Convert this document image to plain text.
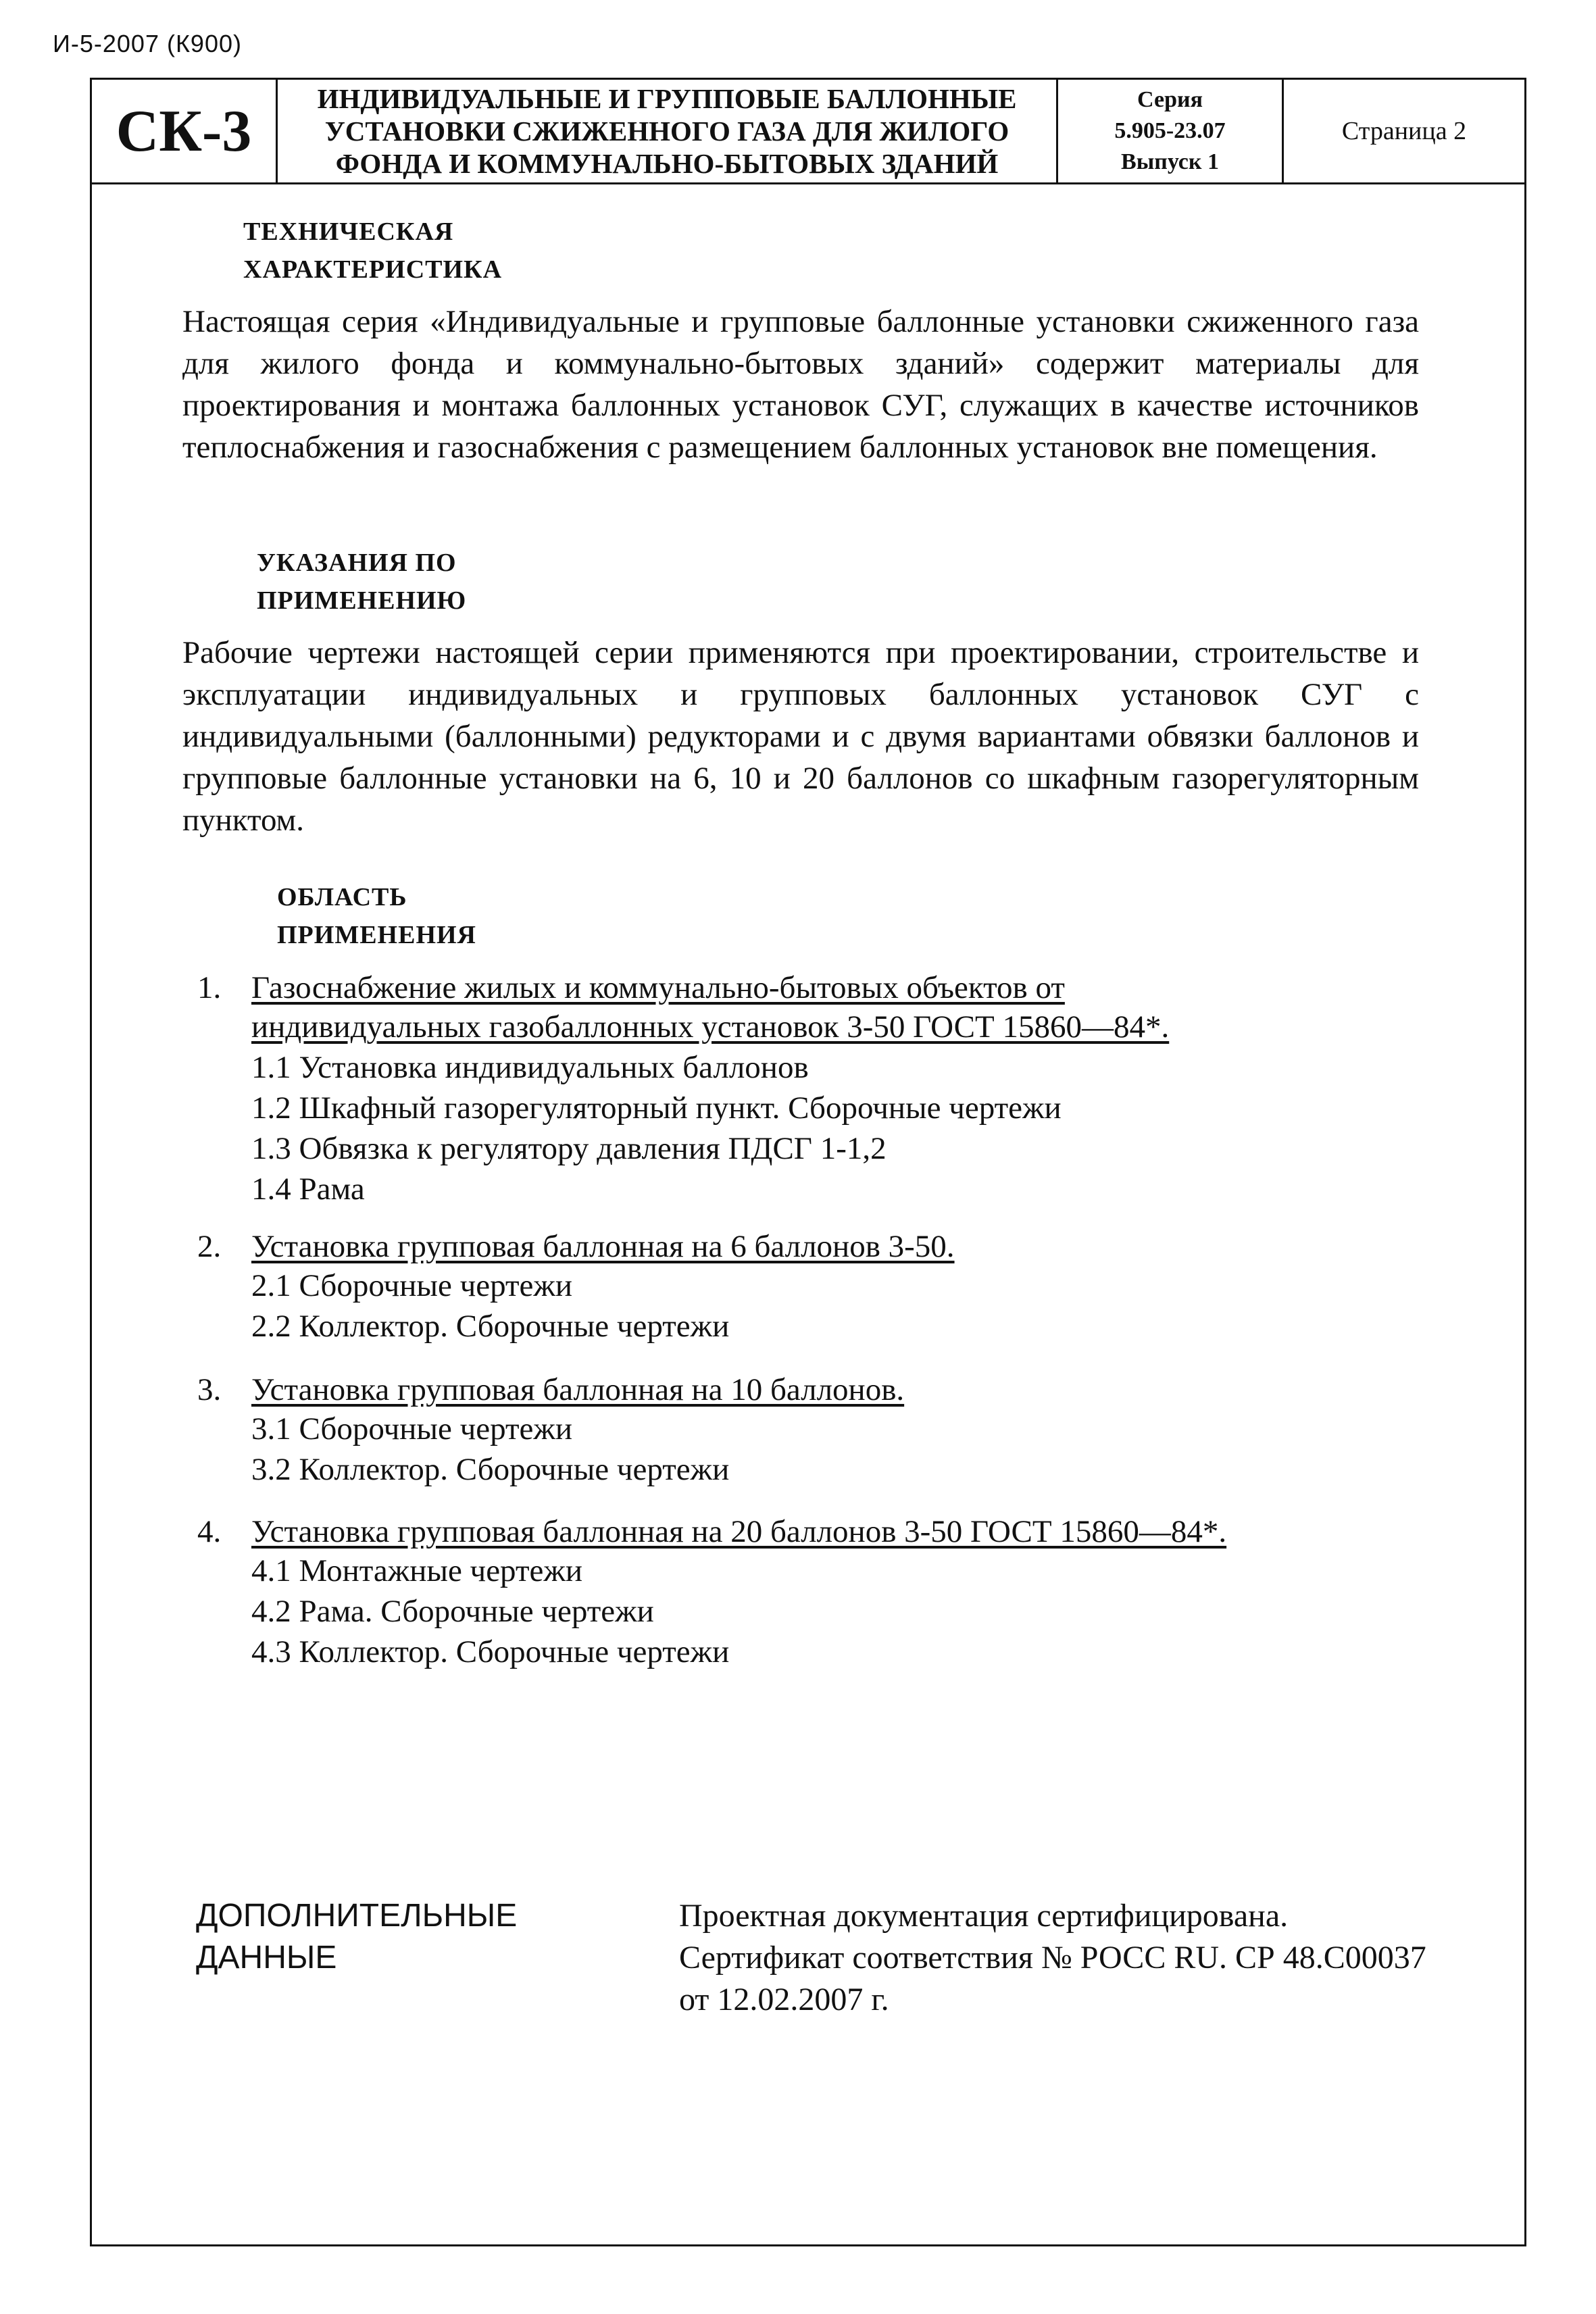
И-5-2007 (К900)
СК-3	ИНДИВИДУАЛЬНЫЕ И ГРУППОВЫЕ БАЛЛОННЫЕ
УСТАНОВКИ СЖИЖЕННОГО ГАЗА ДЛЯ ЖИЛОГО
ФОНДА И КОММУНАЛЬНО-БЫТОВЫХ ЗДАНИЙ
Серия
5.905-23.07
Выпуск 1
Страница 2
ТЕХНИЧЕСКАЯ
ХАРАКТЕРИСТИКА
Настоящая серия «Индивидуальные и групповые баллонные установки сжиженного газа для жилого фонда и коммунально-бытовых зданий» содержит материалы для проектирования и монтажа баллонных установок СУГ, служащих в качестве источников теплоснабжения и газоснабжения с размещением баллонных установок вне помещения.
УКАЗАНИЯ ПО
ПРИМЕНЕНИЮ
Рабочие чертежи настоящей серии применяются при проектировании, строительстве и эксплуатации индивидуальных и групповых баллонных установок СУГ с индивидуальными (баллонными) редукторами и с двумя вариантами обвязки баллонов и групповые баллонные установки на 6, 10 и 20 баллонов со шкафным газорегуляторным пунктом.
ОБЛАСТЬ
ПРИМЕНЕНИЯ
1. Газоснабжение жилых и коммунально-бытовых объектов от
индивидуальных газобаллонных установок 3-50 ГОСТ 15860—84*.
1.1 Установка индивидуальных баллонов
1.2 Шкафный газорегуляторный пункт. Сборочные чертежи
1.3 Обвязка к регулятору давления ПДСГ 1-1,2
1.4 Рама
2. Установка групповая баллонная на 6 баллонов 3-50.
2.1 Сборочные чертежи
2.2 Коллектор. Сборочные чертежи
3. Установка групповая баллонная на 10 баллонов.
3.1 Сборочные чертежи
3.2 Коллектор. Сборочные чертежи
4. Установка групповая баллонная на 20 баллонов 3-50 ГОСТ 15860—84*.
4.1 Монтажные чертежи
4.2 Рама. Сборочные чертежи
4.3 Коллектор. Сборочные чертежи
ДОПОЛНИТЕЛЬНЫЕ
ДАННЫЕ
Проектная документация сертифицирована.
Сертификат соответствия № РОСС RU. СР 48.С00037
от 12.02.2007 г.
